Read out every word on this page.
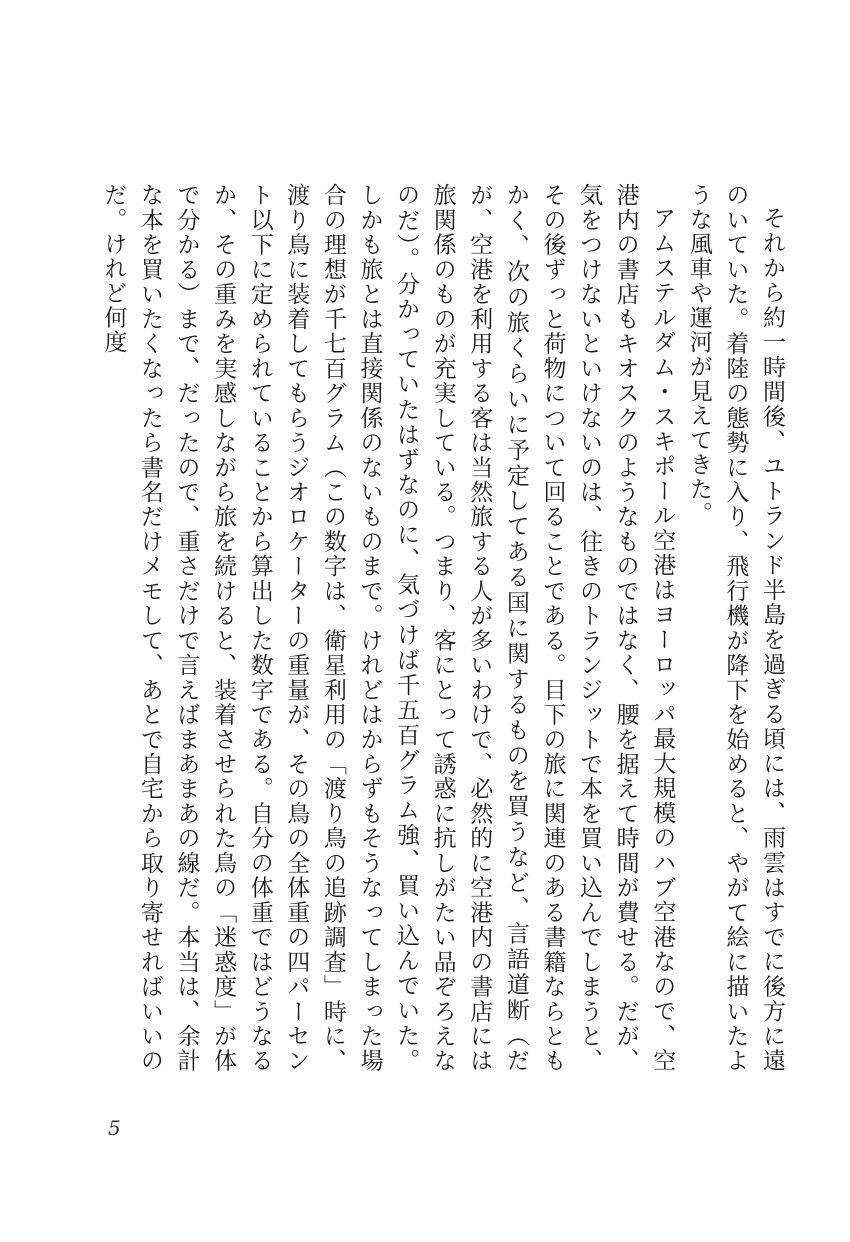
それから約一時間後、ユトランド半島を過ぎる頃には、雨雲はすでに後方に遠のいていた。着陸の態勢に入り、飛行機が降下を始めると、やがて絵に描いたような風車や運河が見えてきた。

アムステルダム・スキポール空港はヨーロッパ最大規模のハブ空港なので、空港内の書店もキオスクのようなものではなく、腰を据えて時間が費せる。だが、気をつけないといけないのは、往きのトランジットで本を買い込んでしまうと、その後ずっと荷物について回ることである。目下の旅に関連のある書籍ならともかく、次の旅くらいに予定してある国に関するものを買うなど、言語道断（だが、空港を利用する客は当然旅する人が多いわけで、必然的に空港内の書店には旅関係のものが充実している。つまり、客にとって誘惑に抗しがたい品ぞろえなのだ）。分かっていたはずなのに、気づけば千五百グラム強、買い込んでいた。しかも旅とは直接関係のないものまで。けれどはからずもそうなってしまった場合の理想が千七百グラム（この数字は、衛星利用の「渡り鳥の追跡調査」時に、渡り鳥に装着してもらうジオロケーターの重量が、その鳥の全体重の四パーセント以下に定められていることから算出した数字である。自分の体重ではどうなるか、その重みを実感しながら旅を続けると、装着させられた鳥の「迷惑度」が体で分かる）まで、だったので、重さだけで言えばまあまあの線だ。本当は、余計な本を買いたくなったら書名だけメモして、あとで自宅から取り寄せればいいのだ。けれど何度

5
